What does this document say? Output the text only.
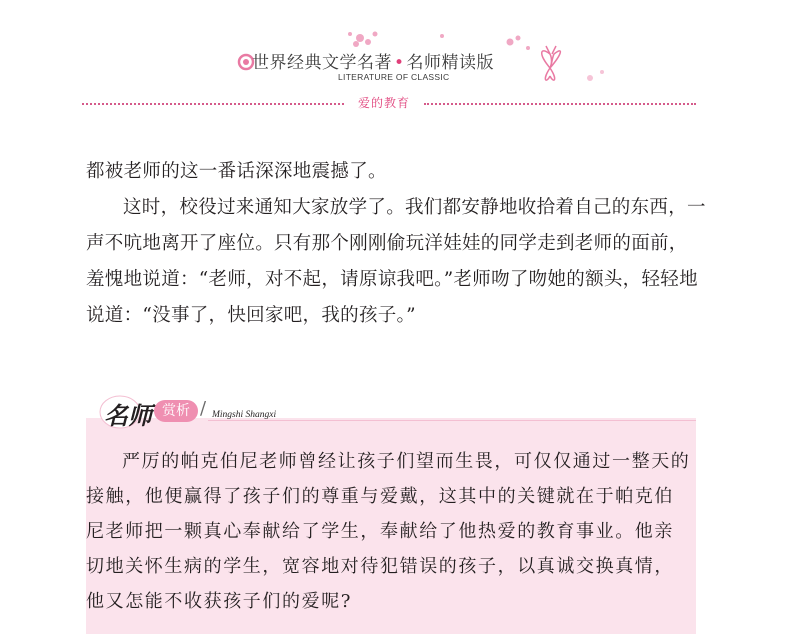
世界经典文学名著 • 名师精读版
LITERATURE OF CLASSIC
爱的教育

都被老师的这一番话深深地震撼了。

这时，校役过来通知大家放学了。我们都安静地收拾着自己的东西，一声不吭地离开了座位。只有那个刚刚偷玩洋娃娃的同学走到老师的面前，羞愧地说道：“老师，对不起，请原谅我吧。”老师吻了吻她的额头，轻轻地说道：“没事了，快回家吧，我的孩子。”

名师 赏析 / Mingshi Shangxi

严厉的帕克伯尼老师曾经让孩子们望而生畏，可仅仅通过一整天的接触，他便赢得了孩子们的尊重与爱戴，这其中的关键就在于帕克伯尼老师把一颗真心奉献给了学生，奉献给了他热爱的教育事业。他亲切地关怀生病的学生，宽容地对待犯错误的孩子，以真诚交换真情，他又怎能不收获孩子们的爱呢?
